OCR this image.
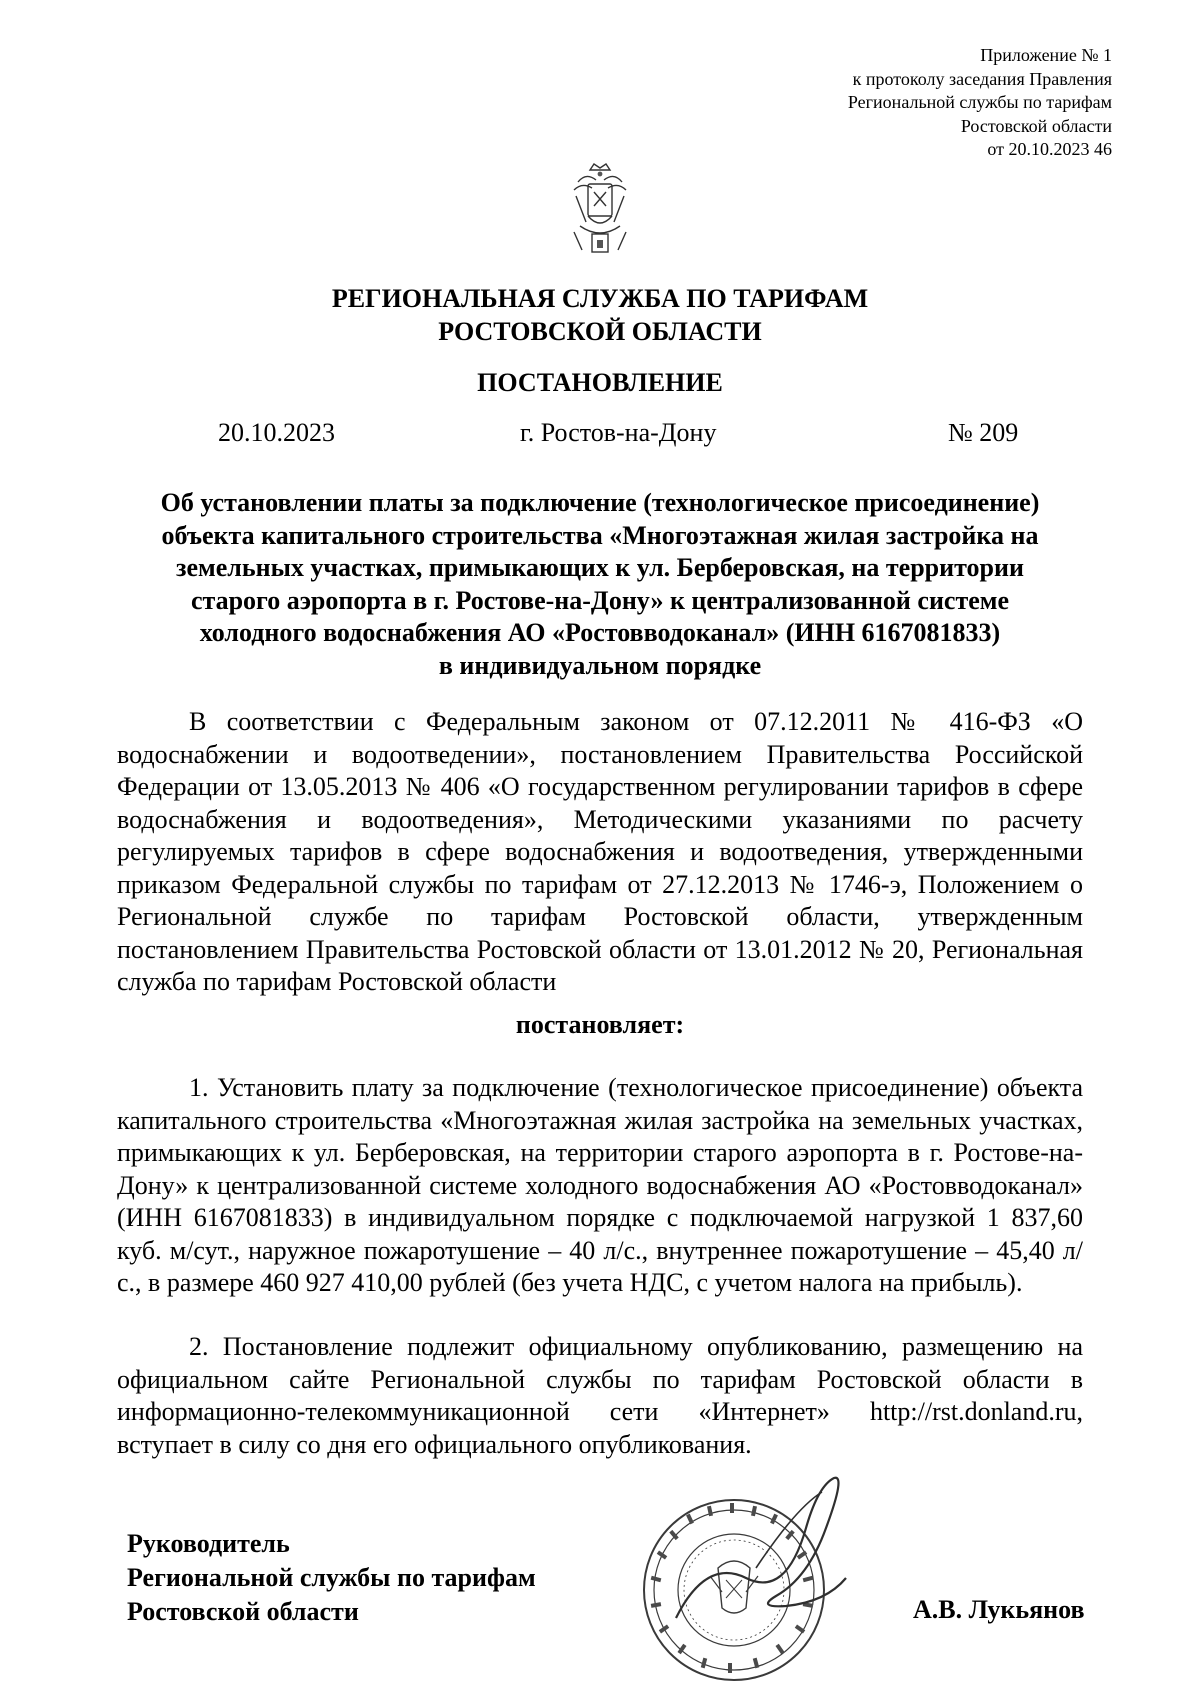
Приложение № 1
к протоколу заседания Правления
Региональной службы по тарифам
Ростовской области
от 20.10.2023 46
РЕГИОНАЛЬНАЯ СЛУЖБА ПО ТАРИФАМ
РОСТОВСКОЙ ОБЛАСТИ
ПОСТАНОВЛЕНИЕ
20.10.2023	г. Ростов-на-Дону	№ 209
Об установлении платы за подключение (технологическое присоединение)
объекта капитального строительства «Многоэтажная жилая застройка на
земельных участках, примыкающих к ул. Берберовская, на территории
старого аэропорта в г. Ростове-на-Дону» к централизованной системе
холодного водоснабжения АО «Ростовводоканал» (ИНН 6167081833)
в индивидуальном порядке
В соответствии с Федеральным законом от 07.12.2011 № 416-ФЗ «О водоснабжении и водоотведении», постановлением Правительства Российской Федерации от 13.05.2013 № 406 «О государственном регулировании тарифов в сфере водоснабжения и водоотведения», Методическими указаниями по расчету регулируемых тарифов в сфере водоснабжения и водоотведения, утвержденными приказом Федеральной службы по тарифам от 27.12.2013 № 1746-э, Положением о Региональной службе по тарифам Ростовской области, утвержденным постановлением Правительства Ростовской области от 13.01.2012 № 20, Региональная служба по тарифам Ростовской области
постановляет:
1. Установить плату за подключение (технологическое присоединение) объекта капитального строительства «Многоэтажная жилая застройка на земельных участках, примыкающих к ул. Берберовская, на территории старого аэропорта в г. Ростове-на-Дону» к централизованной системе холодного водоснабжения АО «Ростовводоканал» (ИНН 6167081833) в индивидуальном порядке с подключаемой нагрузкой 1 837,60 куб. м/сут., наружное пожаротушение – 40 л/с., внутреннее пожаротушение – 45,40 л/с., в размере 460 927 410,00 рублей (без учета НДС, с учетом налога на прибыль).
2. Постановление подлежит официальному опубликованию, размещению на официальном сайте Региональной службы по тарифам Ростовской области в информационно-телекоммуникационной сети «Интернет» http://rst.donland.ru, вступает в силу со дня его официального опубликования.
Руководитель
Региональной службы по тарифам
Ростовской области	А.В. Лукьянов
